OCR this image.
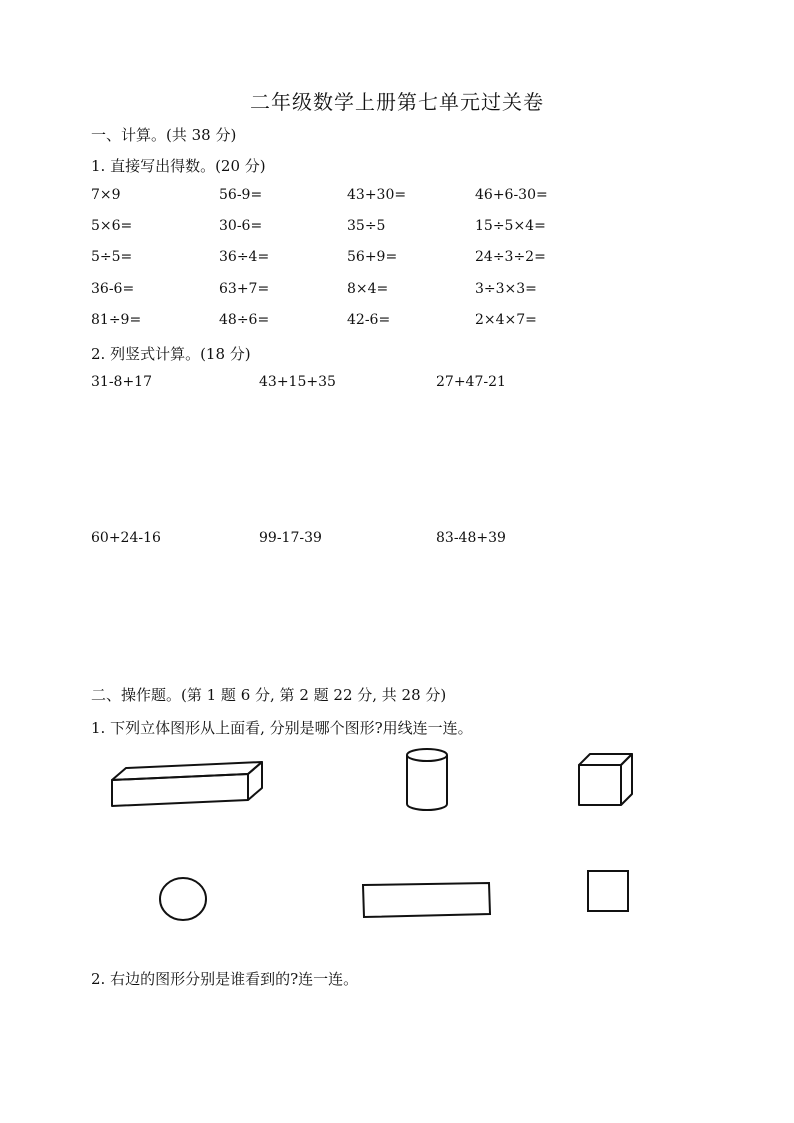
二年级数学上册第七单元过关卷
一、计算。(共 38 分)
1. 直接写出得数。(20 分)
7×9	56-9=	43+30=	46+6-30=
5×6=	30-6=	35÷5	15÷5×4=
5÷5=	36÷4=	56+9=	24÷3÷2=
36-6=	63+7=	8×4=	3÷3×3=
81÷9=	48÷6=	42-6=	2×4×7=
2. 列竖式计算。(18 分)
31-8+17	43+15+35	27+47-21
60+24-16	99-17-39	83-48+39
二、操作题。(第 1 题 6 分, 第 2 题 22 分, 共 28 分)
1. 下列立体图形从上面看, 分别是哪个图形?用线连一连。
2. 右边的图形分别是谁看到的?连一连。
